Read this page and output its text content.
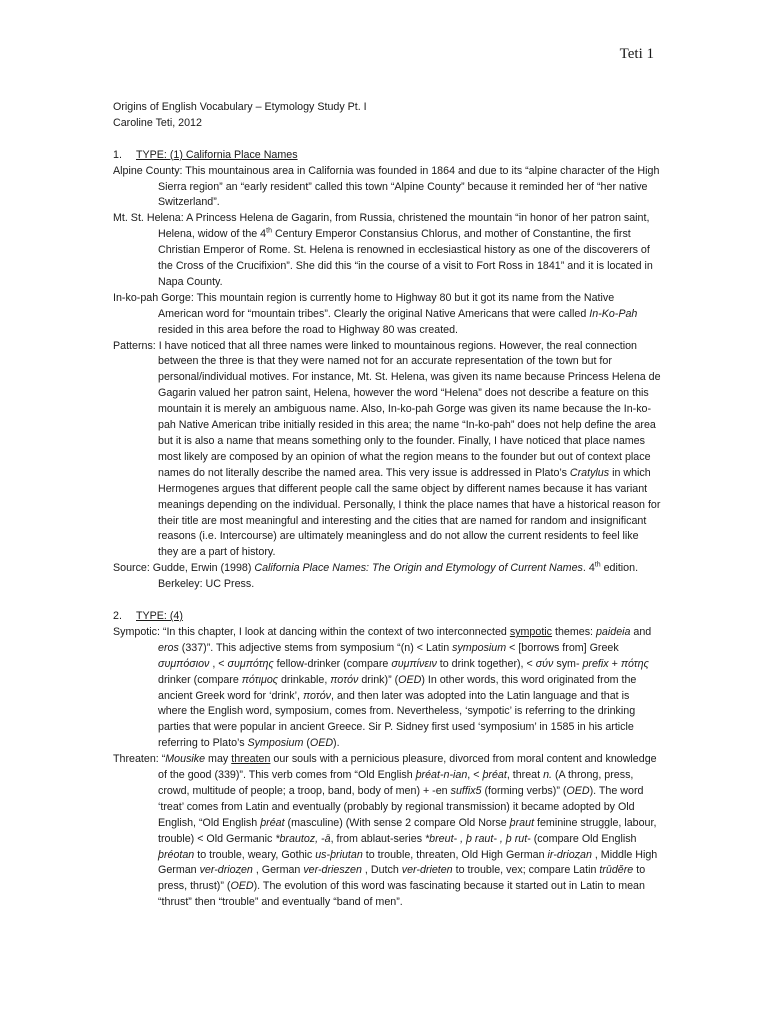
Teti 1

Origins of English Vocabulary – Etymology Study Pt. I

Caroline Teti, 2012

1. TYPE: (1) California Place Names

Alpine County: This mountainous area in California was founded in 1864 and due to its “alpine character of the High Sierra region” an “early resident” called this town “Alpine County” because it reminded her of “her native Switzerland”.

Mt. St. Helena: A Princess Helena de Gagarin, from Russia, christened the mountain “in honor of her patron saint, Helena, widow of the 4th Century Emperor Constansius Chlorus, and mother of Constantine, the first Christian Emperor of Rome. St. Helena is renowned in ecclesiastical history as one of the discoverers of the Cross of the Crucifixion”. She did this “in the course of a visit to Fort Ross in 1841” and it is located in Napa County.

In-ko-pah Gorge: This mountain region is currently home to Highway 80 but it got its name from the Native American word for “mountain tribes”. Clearly the original Native Americans that were called In-Ko-Pah resided in this area before the road to Highway 80 was created.

Patterns: I have noticed that all three names were linked to mountainous regions. However, the real connection between the three is that they were named not for an accurate representation of the town but for personal/individual motives. For instance, Mt. St. Helena, was given its name because Princess Helena de Gagarin valued her patron saint, Helena, however the word “Helena” does not describe a feature on this mountain it is merely an ambiguous name. Also, In-ko-pah Gorge was given its name because the In-ko-pah Native American tribe initially resided in this area; the name “In-ko-pah” does not help define the area but it is also a name that means something only to the founder. Finally, I have noticed that place names most likely are composed by an opinion of what the region means to the founder but out of context place names do not literally describe the named area. This very issue is addressed in Plato’s Cratylus in which Hermogenes argues that different people call the same object by different names because it has variant meanings depending on the individual. Personally, I think the place names that have a historical reason for their title are most meaningful and interesting and the cities that are named for random and insignificant reasons (i.e. Intercourse) are ultimately meaningless and do not allow the current residents to feel like they are a part of history.

Source: Gudde, Erwin (1998) California Place Names: The Origin and Etymology of Current Names. 4th edition. Berkeley: UC Press.

2. TYPE: (4)

Sympotic: “In this chapter, I look at dancing within the context of two interconnected sympotic themes: paideia and eros (337)”. This adjective stems from symposium “(n) < Latin symposium < [borrows from] Greek συμπόσιον , < συμπότης fellow-drinker (compare συμπίνειν to drink together), < σύν sym- prefix + πότης drinker (compare πότιμος drinkable, ποτόν drink)” (OED) In other words, this word originated from the ancient Greek word for ‘drink’, ποτόν, and then later was adopted into the Latin language and that is where the English word, symposium, comes from. Nevertheless, ‘sympotic’ is referring to the drinking parties that were popular in ancient Greece. Sir P. Sidney first used ‘symposium’ in 1585 in his article referring to Plato’s Symposium (OED).

Threaten: “Mousike may threaten our souls with a pernicious pleasure, divorced from moral content and knowledge of the good (339)”. This verb comes from “Old English þréat-n-ian, < þréat, threat n. (A throng, press, crowd, multitude of people; a troop, band, body of men) + -en suffix5 (forming verbs)” (OED). The word ‘treat’ comes from Latin and eventually (probably by regional transmission) it became adopted by Old English, “Old English þréat (masculine) (With sense 2 compare Old Norse þraut feminine struggle, labour, trouble) < Old Germanic *brautoz, -ā, from ablaut-series *breut- , þ raut- , þ rut- (compare Old English þréotan to trouble, weary, Gothic us-þriutan to trouble, threaten, Old High German ir-drioȥan , Middle High German ver-drioȥen , German ver-drieszen , Dutch ver-drieten to trouble, vex; compare Latin trūdĕre to press, thrust)” (OED). The evolution of this word was fascinating because it started out in Latin to mean “thrust” then “trouble” and eventually “band of men”.
